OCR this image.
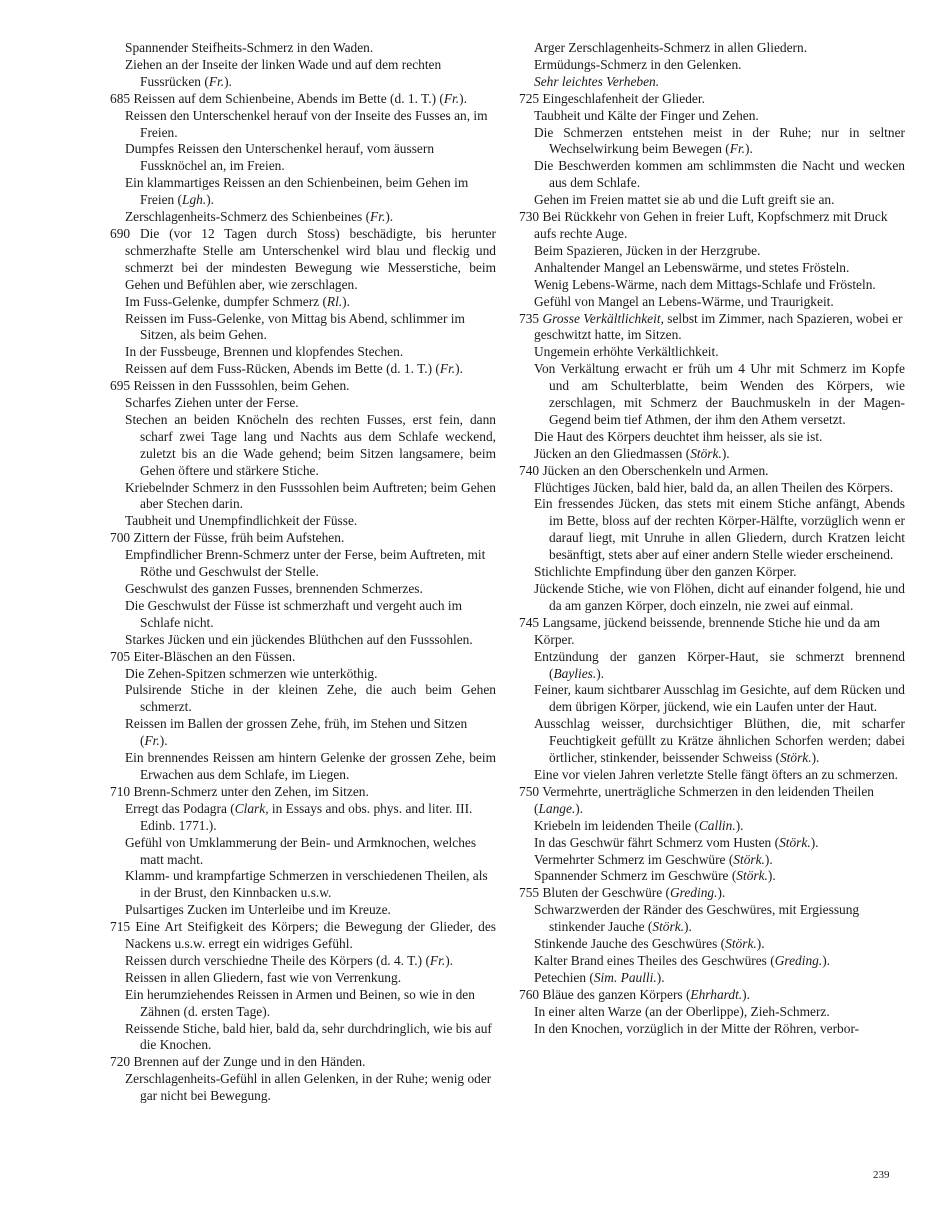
Spannender Steifheits-Schmerz in den Waden.

Ziehen an der Inseite der linken Wade und auf dem rechten Fussrücken (Fr.).

685 Reissen auf dem Schienbeine, Abends im Bette (d. 1. T.) (Fr.).

Reissen den Unterschenkel herauf von der Inseite des Fusses an, im Freien.

Dumpfes Reissen den Unterschenkel herauf, vom äussern Fussknöchel an, im Freien.

Ein klammartiges Reissen an den Schienbeinen, beim Gehen im Freien (Lgh.).

Zerschlagenheits-Schmerz des Schienbeines (Fr.).

690 Die (vor 12 Tagen durch Stoss) beschädigte, bis herunter schmerzhafte Stelle am Unterschenkel wird blau und fleckig und schmerzt bei der mindesten Bewegung wie Messerstiche, beim Gehen und Befühlen aber, wie zerschlagen.

Im Fuss-Gelenke, dumpfer Schmerz (Rl.).

Reissen im Fuss-Gelenke, von Mittag bis Abend, schlimmer im Sitzen, als beim Gehen.

In der Fussbeuge, Brennen und klopfendes Stechen.

Reissen auf dem Fuss-Rücken, Abends im Bette (d. 1. T.) (Fr.).

695 Reissen in den Fusssohlen, beim Gehen.

Scharfes Ziehen unter der Ferse.

Stechen an beiden Knöcheln des rechten Fusses, erst fein, dann scharf zwei Tage lang und Nachts aus dem Schlafe weckend, zuletzt bis an die Wade gehend; beim Sitzen langsamere, beim Gehen öftere und stärkere Stiche.

Kriebelnder Schmerz in den Fusssohlen beim Auftreten; beim Gehen aber Stechen darin.

Taubheit und Unempfindlichkeit der Füsse.

700 Zittern der Füsse, früh beim Aufstehen.

Empfindlicher Brenn-Schmerz unter der Ferse, beim Auftreten, mit Röthe und Geschwulst der Stelle.

Geschwulst des ganzen Fusses, brennenden Schmerzes.

Die Geschwulst der Füsse ist schmerzhaft und vergeht auch im Schlafe nicht.

Starkes Jücken und ein jückendes Blüthchen auf den Fusssohlen.

705 Eiter-Bläschen an den Füssen.

Die Zehen-Spitzen schmerzen wie unterköthig.

Pulsirende Stiche in der kleinen Zehe, die auch beim Gehen schmerzt.

Reissen im Ballen der grossen Zehe, früh, im Stehen und Sitzen (Fr.).

Ein brennendes Reissen am hintern Gelenke der grossen Zehe, beim Erwachen aus dem Schlafe, im Liegen.

710 Brenn-Schmerz unter den Zehen, im Sitzen.

Erregt das Podagra (Clark, in Essays and obs. phys. and liter. III. Edinb. 1771.).

Gefühl von Umklammerung der Bein- und Armknochen, welches matt macht.

Klamm- und krampfartige Schmerzen in verschiedenen Theilen, als in der Brust, den Kinnbacken u.s.w.

Pulsartiges Zucken im Unterleibe und im Kreuze.

715 Eine Art Steifigkeit des Körpers; die Bewegung der Glieder, des Nackens u.s.w. erregt ein widriges Gefühl.

Reissen durch verschiedne Theile des Körpers (d. 4. T.) (Fr.).

Reissen in allen Gliedern, fast wie von Verrenkung.

Ein herumziehendes Reissen in Armen und Beinen, so wie in den Zähnen (d. ersten Tage).

Reissende Stiche, bald hier, bald da, sehr durchdringlich, wie bis auf die Knochen.

720 Brennen auf der Zunge und in den Händen.

Zerschlagenheits-Gefühl in allen Gelenken, in der Ruhe; wenig oder gar nicht bei Bewegung.

Arger Zerschlagenheits-Schmerz in allen Gliedern.

Ermüdungs-Schmerz in den Gelenken.

Sehr leichtes Verheben.

725 Eingeschlafenheit der Glieder.

Taubheit und Kälte der Finger und Zehen.

Die Schmerzen entstehen meist in der Ruhe; nur in seltner Wechselwirkung beim Bewegen (Fr.).

Die Beschwerden kommen am schlimmsten die Nacht und wecken aus dem Schlafe.

Gehen im Freien mattet sie ab und die Luft greift sie an.

730 Bei Rückkehr von Gehen in freier Luft, Kopfschmerz mit Druck aufs rechte Auge.

Beim Spazieren, Jücken in der Herzgrube.

Anhaltender Mangel an Lebenswärme, und stetes Frösteln.

Wenig Lebens-Wärme, nach dem Mittags-Schlafe und Frösteln.

Gefühl von Mangel an Lebens-Wärme, und Traurigkeit.

735 Grosse Verkältlichkeit, selbst im Zimmer, nach Spazieren, wobei er geschwitzt hatte, im Sitzen.

Ungemein erhöhte Verkältlichkeit.

Von Verkältung erwacht er früh um 4 Uhr mit Schmerz im Kopfe und am Schulterblatte, beim Wenden des Körpers, wie zerschlagen, mit Schmerz der Bauchmuskeln in der Magen-Gegend beim tief Athmen, der ihm den Athem versetzt.

Die Haut des Körpers deuchtet ihm heisser, als sie ist.

Jücken an den Gliedmassen (Störk.).

740 Jücken an den Oberschenkeln und Armen.

Flüchtiges Jücken, bald hier, bald da, an allen Theilen des Körpers.

Ein fressendes Jücken, das stets mit einem Stiche anfängt, Abends im Bette, bloss auf der rechten Körper-Hälfte, vorzüglich wenn er darauf liegt, mit Unruhe in allen Gliedern, durch Kratzen leicht besänftigt, stets aber auf einer andern Stelle wieder erscheinend.

Stichlichte Empfindung über den ganzen Körper.

Jückende Stiche, wie von Flöhen, dicht auf einander folgend, hie und da am ganzen Körper, doch einzeln, nie zwei auf einmal.

745 Langsame, jückend beissende, brennende Stiche hie und da am Körper.

Entzündung der ganzen Körper-Haut, sie schmerzt brennend (Baylies.).

Feiner, kaum sichtbarer Ausschlag im Gesichte, auf dem Rücken und dem übrigen Körper, jückend, wie ein Laufen unter der Haut.

Ausschlag weisser, durchsichtiger Blüthen, die, mit scharfer Feuchtigkeit gefüllt zu Krätze ähnlichen Schorfen werden; dabei örtlicher, stinkender, beissender Schweiss (Störk.).

Eine vor vielen Jahren verletzte Stelle fängt öfters an zu schmerzen.

750 Vermehrte, unerträgliche Schmerzen in den leidenden Theilen (Lange.).

Kriebeln im leidenden Theile (Callin.).

In das Geschwür fährt Schmerz vom Husten (Störk.).

Vermehrter Schmerz im Geschwüre (Störk.).

Spannender Schmerz im Geschwüre (Störk.).

755 Bluten der Geschwüre (Greding.).

Schwarzwerden der Ränder des Geschwüres, mit Ergiessung stinkender Jauche (Störk.).

Stinkende Jauche des Geschwüres (Störk.).

Kalter Brand eines Theiles des Geschwüres (Greding.).

Petechien (Sim. Paulli.).

760 Bläue des ganzen Körpers (Ehrhardt.).

In einer alten Warze (an der Oberlippe), Zieh-Schmerz.

In den Knochen, vorzüglich in der Mitte der Röhren, verbor-

239
